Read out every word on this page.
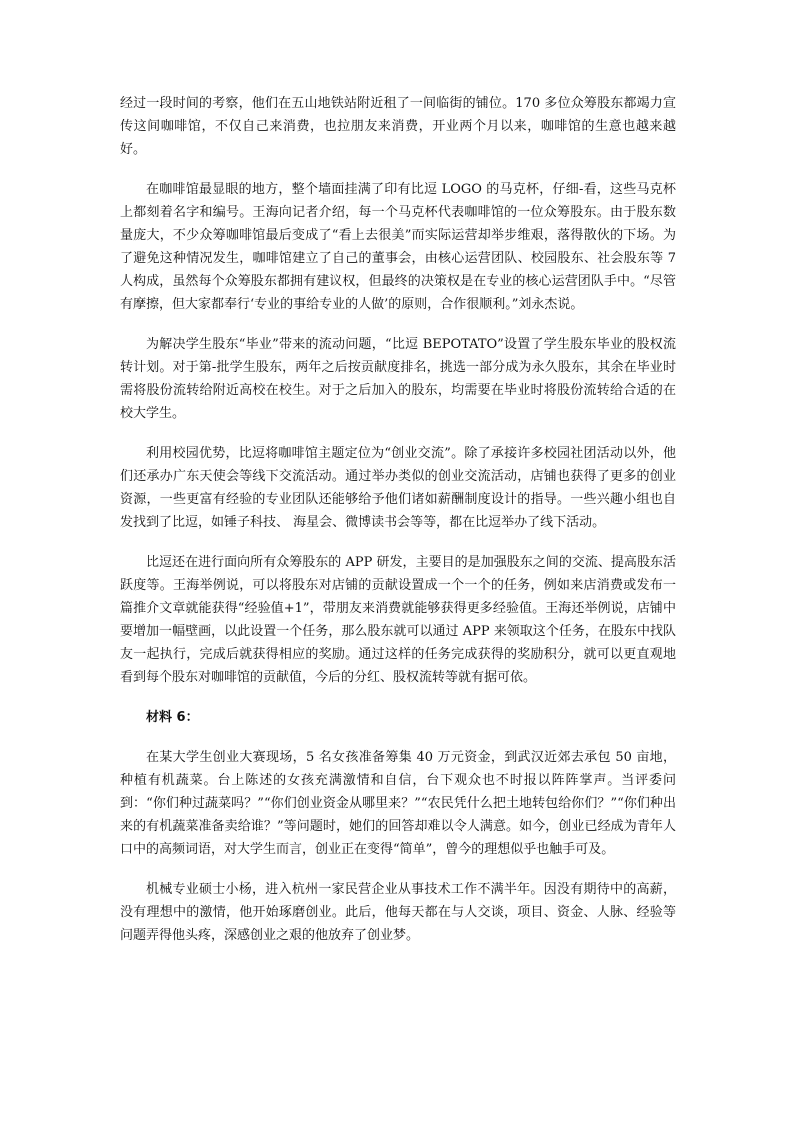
经过一段时间的考察，他们在五山地铁站附近租了一间临街的铺位。170 多位众筹股东都竭力宣传这间咖啡馆，不仅自己来消费，也拉朋友来消费，开业两个月以来，咖啡馆的生意也越来越好。

在咖啡馆最显眼的地方，整个墙面挂满了印有比逗 LOGO 的马克杯，仔细-看，这些马克杯上都刻着名字和编号。王海向记者介绍，每一个马克杯代表咖啡馆的一位众筹股东。由于股东数量庞大，不少众筹咖啡馆最后变成了“看上去很美”而实际运营却举步维艰，落得散伙的下场。为了避免这种情况发生，咖啡馆建立了自己的董事会，由核心运营团队、校园股东、社会股东等 7 人构成，虽然每个众筹股东都拥有建议权，但最终的决策权是在专业的核心运营团队手中。“尽管有摩擦，但大家都奉行‘专业的事给专业的人做’的原则，合作很顺利。”刘永杰说。

为解决学生股东“毕业”带来的流动问题，“比逗 BEPOTATO”设置了学生股东毕业的股权流转计划。对于第-批学生股东，两年之后按贡献度排名，挑选一部分成为永久股东，其余在毕业时需将股份流转给附近高校在校生。对于之后加入的股东，均需要在毕业时将股份流转给合适的在校大学生。

利用校园优势，比逗将咖啡馆主题定位为“创业交流”。除了承接许多校园社团活动以外，他们还承办广东天使会等线下交流活动。通过举办类似的创业交流活动，店铺也获得了更多的创业资源，一些更富有经验的专业团队还能够给予他们诸如薪酬制度设计的指导。一些兴趣小组也自发找到了比逗，如锤子科技、 海星会、微博读书会等等，都在比逗举办了线下活动。

比逗还在进行面向所有众筹股东的 APP 研发，主要目的是加强股东之间的交流、提高股东活跃度等。王海举例说，可以将股东对店铺的贡献设置成一个一个的任务，例如来店消费或发布一篇推介文章就能获得“经验值+1”，带朋友来消费就能够获得更多经验值。王海还举例说，店铺中要增加一幅壁画，以此设置一个任务，那么股东就可以通过 APP 来领取这个任务，在股东中找队友一起执行，完成后就获得相应的奖励。通过这样的任务完成获得的奖励积分，就可以更直观地看到每个股东对咖啡馆的贡献值，今后的分红、股权流转等就有据可依。

材料 6：

在某大学生创业大赛现场，5 名女孩准备筹集 40 万元资金，到武汉近郊去承包 50 亩地，种植有机蔬菜。台上陈述的女孩充满激情和自信，台下观众也不时报以阵阵掌声。当评委问到：“你们种过蔬菜吗？”“你们创业资金从哪里来？”“农民凭什么把土地转包给你们？”“你们种出来的有机蔬菜准备卖给谁？”等问题时，她们的回答却难以令人满意。如今，创业已经成为青年人口中的高频词语，对大学生而言，创业正在变得“简单”，曾今的理想似乎也触手可及。

机械专业硕士小杨，进入杭州一家民营企业从事技术工作不满半年。因没有期待中的高薪，没有理想中的激情，他开始琢磨创业。此后，他每天都在与人交谈，项目、资金、人脉、经验等问题弄得他头疼，深感创业之艰的他放弃了创业梦。
